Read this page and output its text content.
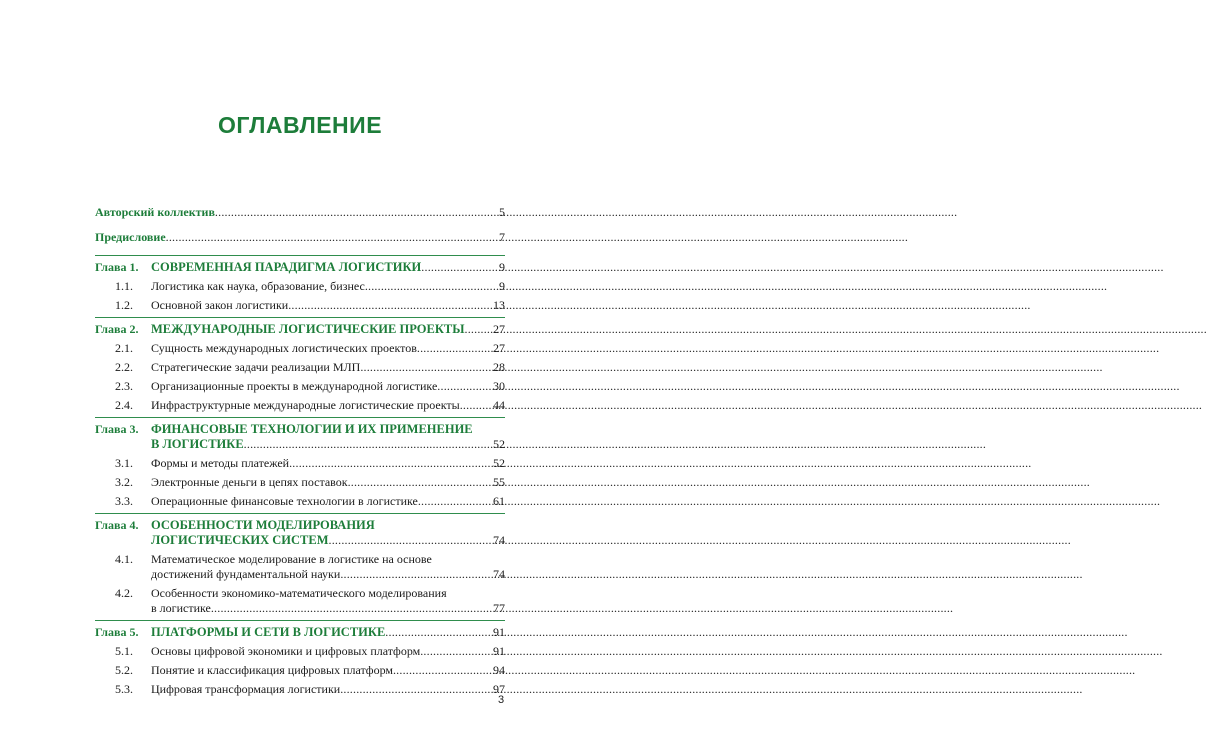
ОГЛАВЛЕНИЕ
Авторский коллектив .....	5
Предисловие .....	7
Глава 1.	СОВРЕМЕННАЯ ПАРАДИГМА ЛОГИСТИКИ .....	9
1.1.	Логистика как наука, образование, бизнес .....	9
1.2.	Основной закон логистики .....	13
Глава 2.	МЕЖДУНАРОДНЫЕ ЛОГИСТИЧЕСКИЕ ПРОЕКТЫ ..... 27
2.1.	Сущность международных логистических проектов .....	27
2.2.	Стратегические задачи реализации МЛП .....	28
2.3.	Организационные проекты в международной логистике .....	30
2.4.	Инфраструктурные международные логистические проекты .....	44
Глава 3.	ФИНАНСОВЫЕ ТЕХНОЛОГИИ И ИХ ПРИМЕНЕНИЕ
В ЛОГИСТИКЕ .....	52
3.1.	Формы и методы платежей .....	52
3.2.	Электронные деньги в цепях поставок .....	55
3.3.	Операционные финансовые технологии в логистике .....	61
Глава 4.	ОСОБЕННОСТИ МОДЕЛИРОВАНИЯ
ЛОГИСТИЧЕСКИХ СИСТЕМ .....	74
4.1.	Математическое моделирование в логистике на основе
достижений фундаментальной науки .....	74
4.2.	Особенности экономико-математического моделирования
в логистике .....	77
Глава 5.	ПЛАТФОРМЫ И СЕТИ В ЛОГИСТИКЕ .....	91
5.1.	Основы цифровой экономики и цифровых платформ .....	91
5.2.	Понятие и классификация цифровых платформ .....	94
5.3.	Цифровая трансформация логистики .....	97
3
